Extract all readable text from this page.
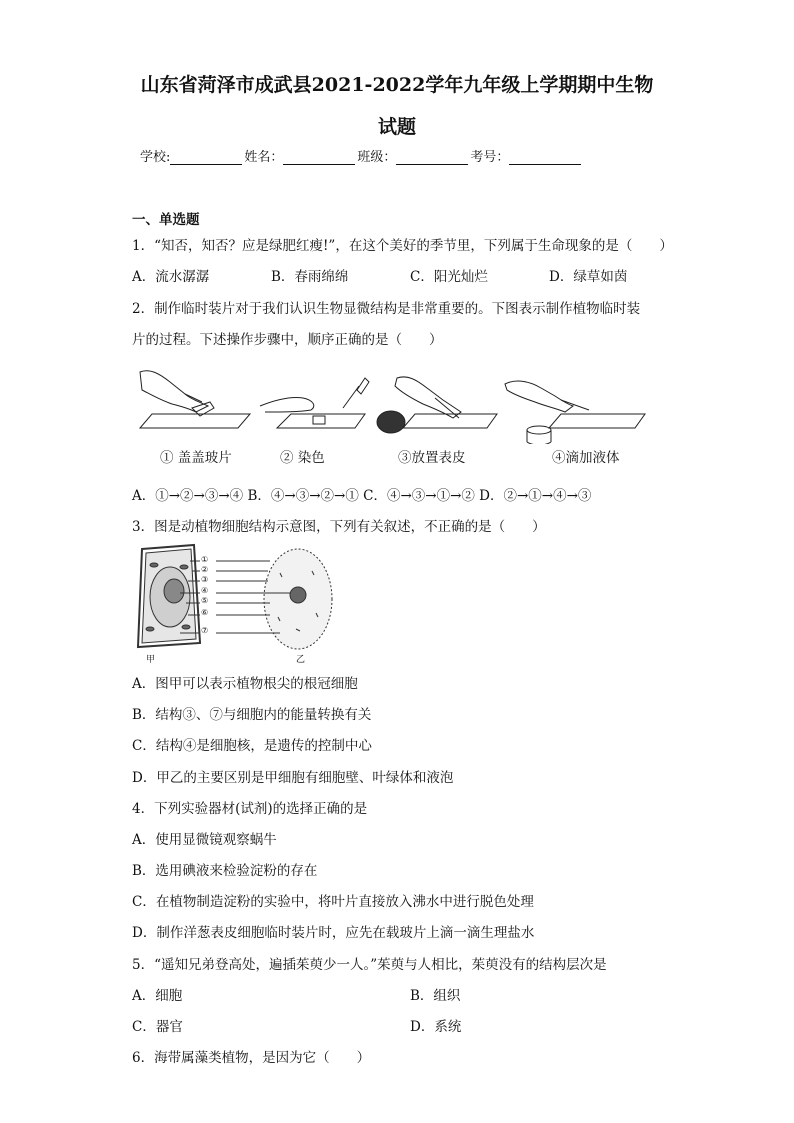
山东省菏泽市成武县2021-2022学年九年级上学期期中生物
试题
学校:	姓名：	班级：	考号：
一、单选题
1．“知否，知否？应是绿肥红瘦!”，在这个美好的季节里，下列属于生命现象的是（　　）
A．流水潺潺	B．春雨绵绵	C．阳光灿烂	D．绿草如茵
2．制作临时装片对于我们认识生物显微结构是非常重要的。下图表示制作植物临时装
片的过程。下述操作步骤中，顺序正确的是（　　）
① 盖盖玻片	② 染色	③放置表皮	④滴加液体
A．①→②→③→④ B．④→③→②→① C．④→③→①→② D．②→①→④→③
3．图是动植物细胞结构示意图，下列有关叙述，不正确的是（　　）
①
②
③
④
⑤
⑥
⑦
甲	乙
A．图甲可以表示植物根尖的根冠细胞
B．结构③、⑦与细胞内的能量转换有关
C．结构④是细胞核，是遗传的控制中心
D．甲乙的主要区别是甲细胞有细胞壁、叶绿体和液泡
4．下列实验器材(试剂)的选择正确的是
A．使用显微镜观察蜗牛
B．选用碘液来检验淀粉的存在
C．在植物制造淀粉的实验中，将叶片直接放入沸水中进行脱色处理
D．制作洋葱表皮细胞临时装片时，应先在载玻片上滴一滴生理盐水
5．“遥知兄弟登高处，遍插茱萸少一人。”茱萸与人相比，茱萸没有的结构层次是
A．细胞	B．组织
C．器官	D．系统
6．海带属藻类植物，是因为它（　　）
